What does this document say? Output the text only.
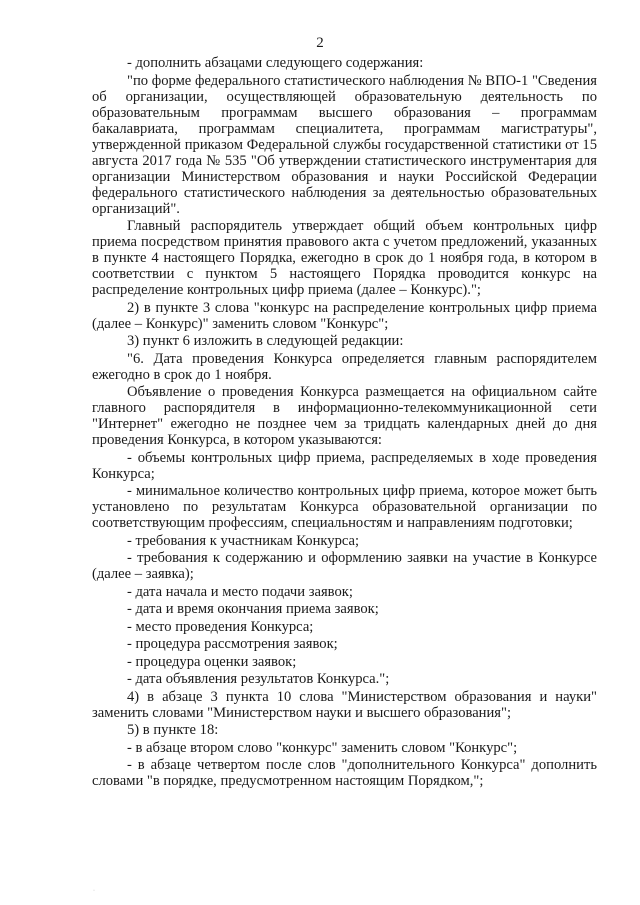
2

- дополнить абзацами следующего содержания:

"по форме федерального статистического наблюдения № ВПО-1 "Сведения об организации, осуществляющей образовательную деятельность по образовательным программам высшего образования – программам бакалавриата, программам специалитета, программам магистратуры", утвержденной приказом Федеральной службы государственной статистики от 15 августа 2017 года № 535 "Об утверждении статистического инструментария для организации Министерством образования и науки Российской Федерации федерального статистического наблюдения за деятельностью образовательных организаций".

Главный распорядитель утверждает общий объем контрольных цифр приема посредством принятия правового акта с учетом предложений, указанных в пункте 4 настоящего Порядка, ежегодно в срок до 1 ноября года, в котором в соответствии с пунктом 5 настоящего Порядка проводится конкурс на распределение контрольных цифр приема (далее – Конкурс).";

2) в пункте 3 слова "конкурс на распределение контрольных цифр приема (далее – Конкурс)" заменить словом "Конкурс";

3) пункт 6 изложить в следующей редакции:

"6. Дата проведения Конкурса определяется главным распорядителем ежегодно в срок до 1 ноября.

Объявление о проведения Конкурса размещается на официальном сайте главного распорядителя в информационно-телекоммуникационной сети "Интернет" ежегодно не позднее чем за тридцать календарных дней до дня проведения Конкурса, в котором указываются:

- объемы контрольных цифр приема, распределяемых в ходе проведения Конкурса;

- минимальное количество контрольных цифр приема, которое может быть установлено по результатам Конкурса образовательной организации по соответствующим профессиям, специальностям и направлениям подготовки;

- требования к участникам Конкурса;

- требования к содержанию и оформлению заявки на участие в Конкурсе (далее – заявка);

- дата начала и место подачи заявок;

- дата и время окончания приема заявок;

- место проведения Конкурса;

- процедура рассмотрения заявок;

- процедура оценки заявок;

- дата объявления результатов Конкурса.";

4) в абзаце 3 пункта 10 слова "Министерством образования и науки" заменить словами "Министерством науки и высшего образования";

5) в пункте 18:

- в абзаце втором слово "конкурс" заменить словом "Конкурс";

- в абзаце четвертом после слов "дополнительного Конкурса" дополнить словами "в порядке, предусмотренном настоящим Порядком,";

·
